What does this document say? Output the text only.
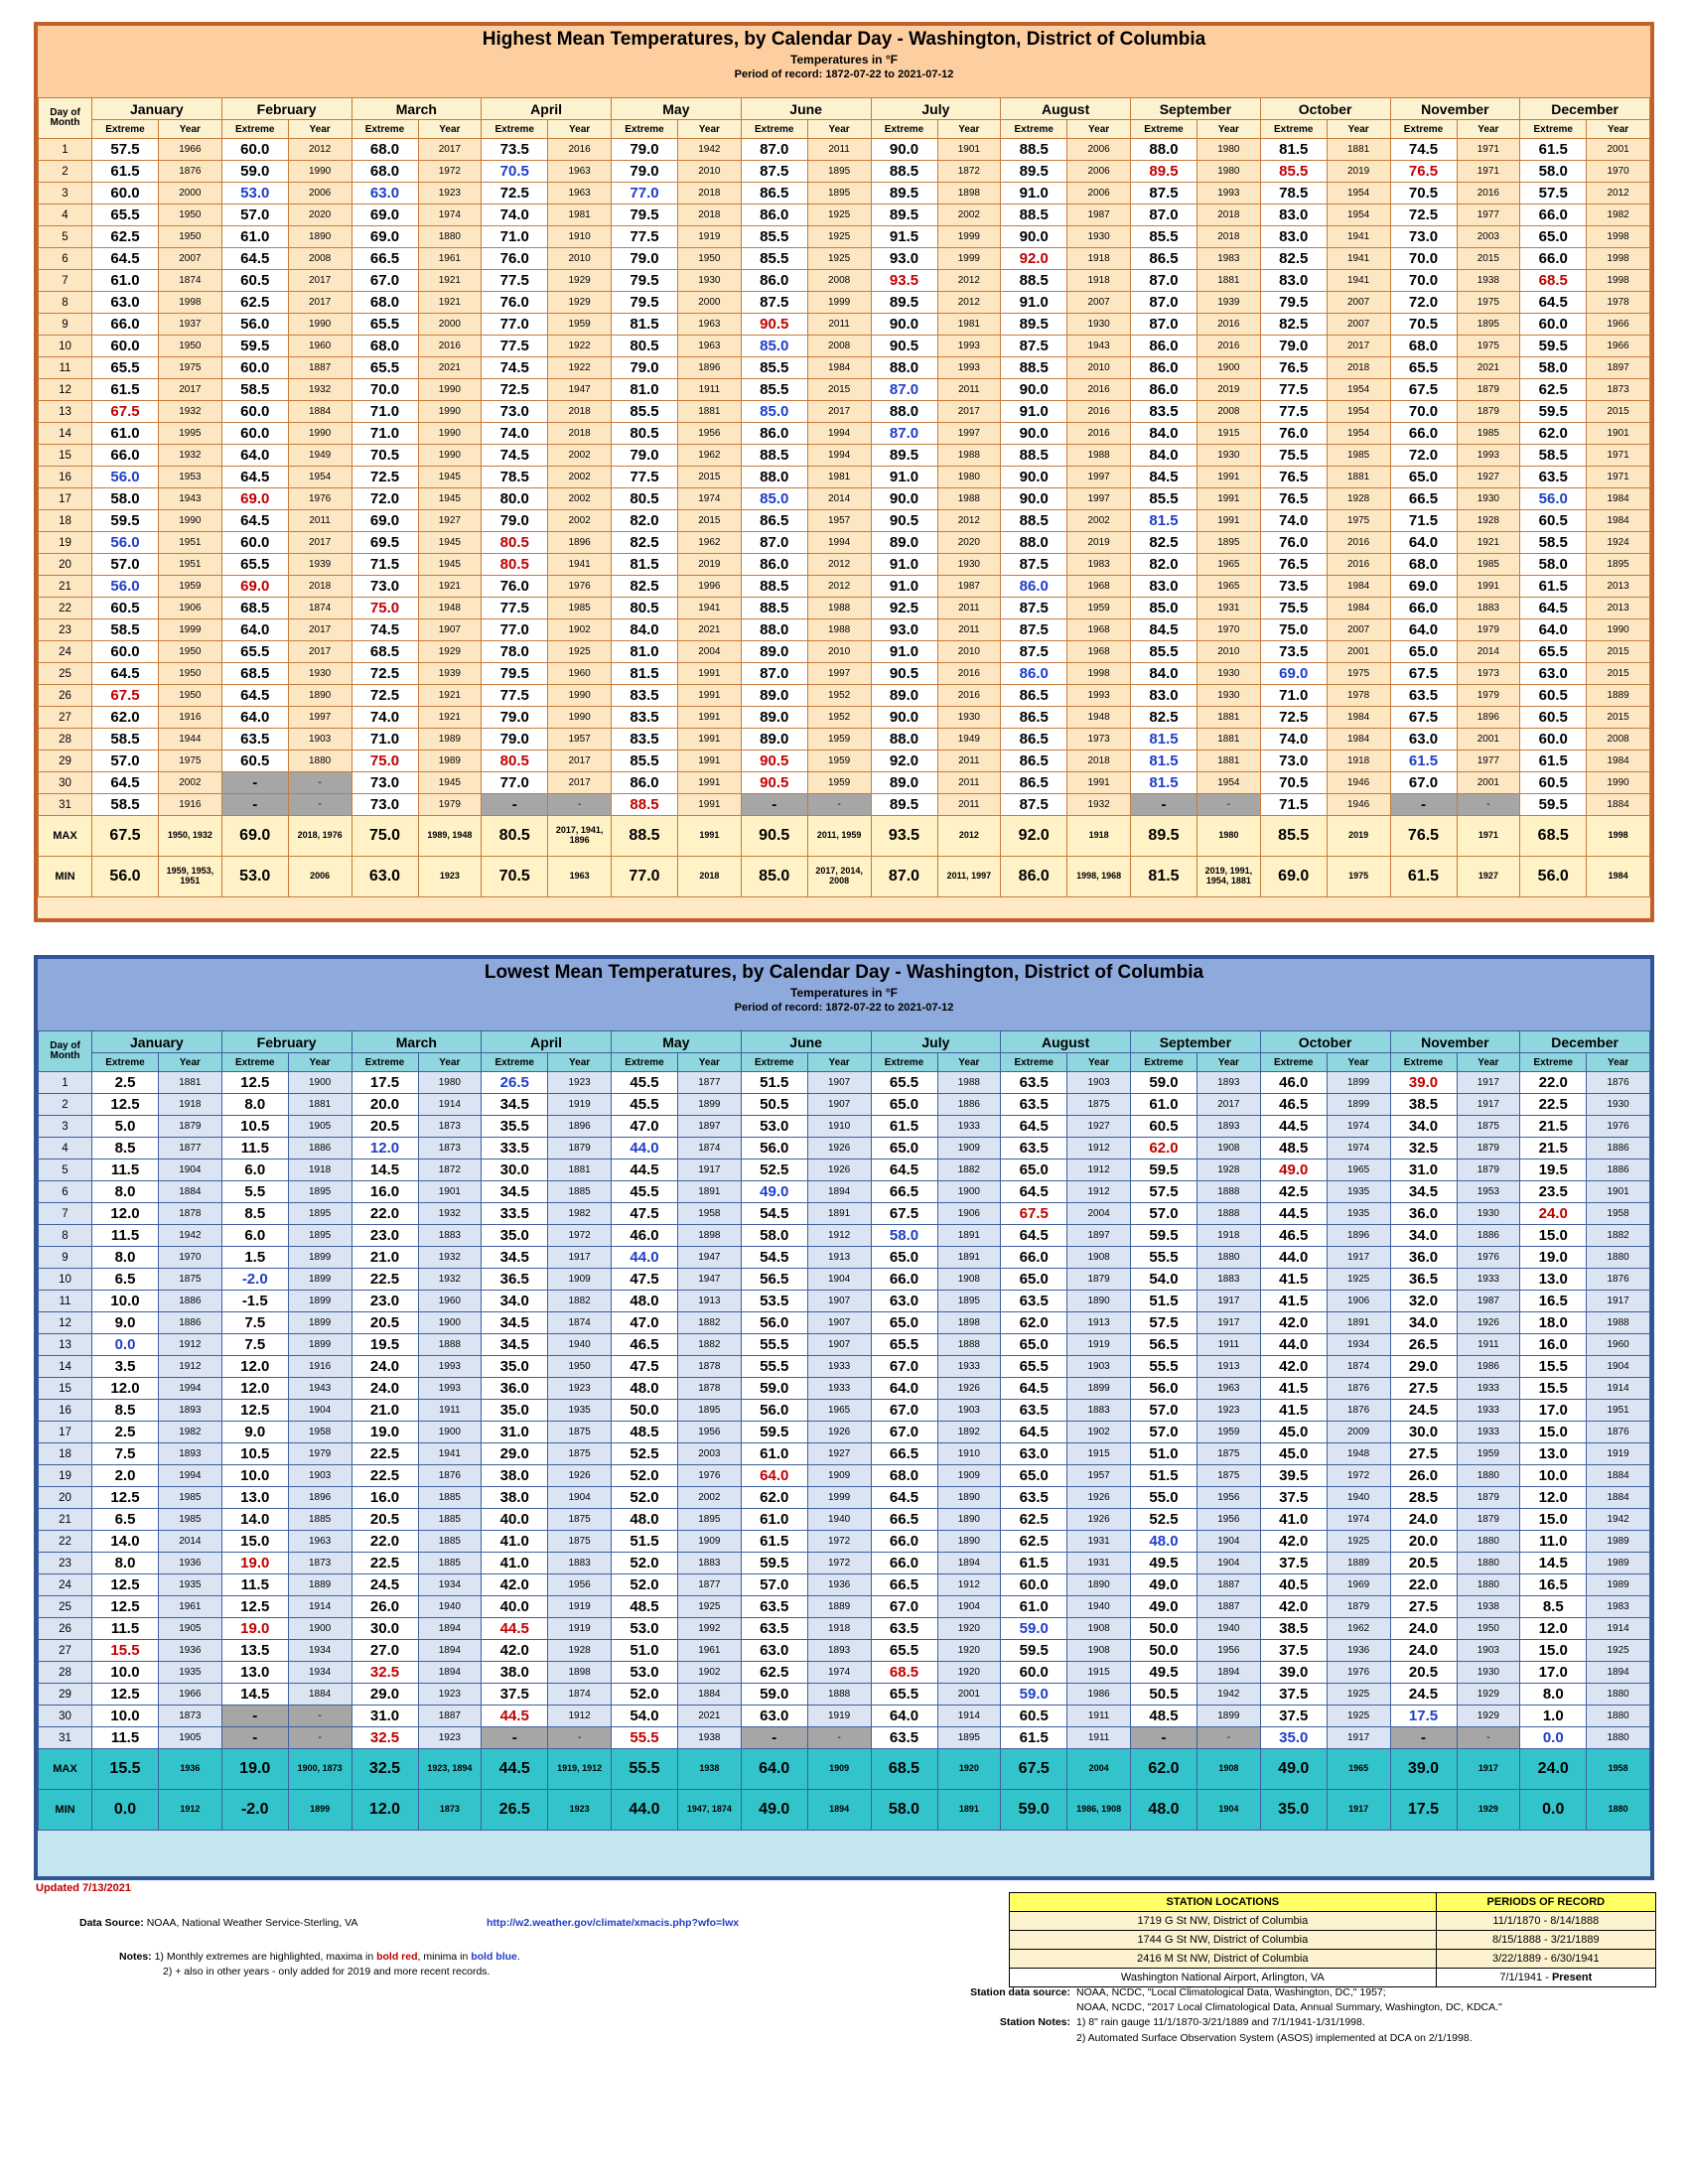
Highest Mean Temperatures, by Calendar Day - Washington, District of Columbia
Temperatures in °F
Period of record: 1872-07-22 to 2021-07-12
Day of Month	January		February		March		April		May		June		July		August		September		October		November		December	
	Extreme	Year	Extreme	Year	Extreme	Year	Extreme	Year	Extreme	Year	Extreme	Year	Extreme	Year	Extreme	Year	Extreme	Year	Extreme	Year	Extreme	Year	Extreme	Year
1	57.5	1966	60.0	2012	68.0	2017	73.5	2016	79.0	1942	87.0	2011	90.0	1901	88.5	2006	88.0	1980	81.5	1881	74.5	1971	61.5	2001
2	61.5	1876	59.0	1990	68.0	1972	70.5	1963	79.0	2010	87.5	1895	88.5	1872	89.5	2006	89.5	1980	85.5	2019	76.5	1971	58.0	1970
3	60.0	2000	53.0	2006	63.0	1923	72.5	1963	77.0	2018	86.5	1895	89.5	1898	91.0	2006	87.5	1993	78.5	1954	70.5	2016	57.5	2012
4	65.5	1950	57.0	2020	69.0	1974	74.0	1981	79.5	2018	86.0	1925	89.5	2002	88.5	1987	87.0	2018	83.0	1954	72.5	1977	66.0	1982
5	62.5	1950	61.0	1890	69.0	1880	71.0	1910	77.5	1919	85.5	1925	91.5	1999	90.0	1930	85.5	2018	83.0	1941	73.0	2003	65.0	1998
6	64.5	2007	64.5	2008	66.5	1961	76.0	2010	79.0	1950	85.5	1925	93.0	1999	92.0	1918	86.5	1983	82.5	1941	70.0	2015	66.0	1998
7	61.0	1874	60.5	2017	67.0	1921	77.5	1929	79.5	1930	86.0	2008	93.5	2012	88.5	1918	87.0	1881	83.0	1941	70.0	1938	68.5	1998
8	63.0	1998	62.5	2017	68.0	1921	76.0	1929	79.5	2000	87.5	1999	89.5	2012	91.0	2007	87.0	1939	79.5	2007	72.0	1975	64.5	1978
9	66.0	1937	56.0	1990	65.5	2000	77.0	1959	81.5	1963	90.5	2011	90.0	1981	89.5	1930	87.0	2016	82.5	2007	70.5	1895	60.0	1966
10	60.0	1950	59.5	1960	68.0	2016	77.5	1922	80.5	1963	85.0	2008	90.5	1993	87.5	1943	86.0	2016	79.0	2017	68.0	1975	59.5	1966
11	65.5	1975	60.0	1887	65.5	2021	74.5	1922	79.0	1896	85.5	1984	88.0	1993	88.5	2010	86.0	1900	76.5	2018	65.5	2021	58.0	1897
12	61.5	2017	58.5	1932	70.0	1990	72.5	1947	81.0	1911	85.5	2015	87.0	2011	90.0	2016	86.0	2019	77.5	1954	67.5	1879	62.5	1873
13	67.5	1932	60.0	1884	71.0	1990	73.0	2018	85.5	1881	85.0	2017	88.0	2017	91.0	2016	83.5	2008	77.5	1954	70.0	1879	59.5	2015
14	61.0	1995	60.0	1990	71.0	1990	74.0	2018	80.5	1956	86.0	1994	87.0	1997	90.0	2016	84.0	1915	76.0	1954	66.0	1985	62.0	1901
15	66.0	1932	64.0	1949	70.5	1990	74.5	2002	79.0	1962	88.5	1994	89.5	1988	88.5	1988	84.0	1930	75.5	1985	72.0	1993	58.5	1971
16	56.0	1953	64.5	1954	72.5	1945	78.5	2002	77.5	2015	88.0	1981	91.0	1980	90.0	1997	84.5	1991	76.5	1881	65.0	1927	63.5	1971
17	58.0	1943	69.0	1976	72.0	1945	80.0	2002	80.5	1974	85.0	2014	90.0	1988	90.0	1997	85.5	1991	76.5	1928	66.5	1930	56.0	1984
18	59.5	1990	64.5	2011	69.0	1927	79.0	2002	82.0	2015	86.5	1957	90.5	2012	88.5	2002	81.5	1991	74.0	1975	71.5	1928	60.5	1984
19	56.0	1951	60.0	2017	69.5	1945	80.5	1896	82.5	1962	87.0	1994	89.0	2020	88.0	2019	82.5	1895	76.0	2016	64.0	1921	58.5	1924
20	57.0	1951	65.5	1939	71.5	1945	80.5	1941	81.5	2019	86.0	2012	91.0	1930	87.5	1983	82.0	1965	76.5	2016	68.0	1985	58.0	1895
21	56.0	1959	69.0	2018	73.0	1921	76.0	1976	82.5	1996	88.5	2012	91.0	1987	86.0	1968	83.0	1965	73.5	1984	69.0	1991	61.5	2013
22	60.5	1906	68.5	1874	75.0	1948	77.5	1985	80.5	1941	88.5	1988	92.5	2011	87.5	1959	85.0	1931	75.5	1984	66.0	1883	64.5	2013
23	58.5	1999	64.0	2017	74.5	1907	77.0	1902	84.0	2021	88.0	1988	93.0	2011	87.5	1968	84.5	1970	75.0	2007	64.0	1979	64.0	1990
24	60.0	1950	65.5	2017	68.5	1929	78.0	1925	81.0	2004	89.0	2010	91.0	2010	87.5	1968	85.5	2010	73.5	2001	65.0	2014	65.5	2015
25	64.5	1950	68.5	1930	72.5	1939	79.5	1960	81.5	1991	87.0	1997	90.5	2016	86.0	1998	84.0	1930	69.0	1975	67.5	1973	63.0	2015
26	67.5	1950	64.5	1890	72.5	1921	77.5	1990	83.5	1991	89.0	1952	89.0	2016	86.5	1993	83.0	1930	71.0	1978	63.5	1979	60.5	1889
27	62.0	1916	64.0	1997	74.0	1921	79.0	1990	83.5	1991	89.0	1952	90.0	1930	86.5	1948	82.5	1881	72.5	1984	67.5	1896	60.5	2015
28	58.5	1944	63.5	1903	71.0	1989	79.0	1957	83.5	1991	89.0	1959	88.0	1949	86.5	1973	81.5	1881	74.0	1984	63.0	2001	60.0	2008
29	57.0	1975	60.5	1880	75.0	1989	80.5	2017	85.5	1991	90.5	1959	92.0	2011	86.5	2018	81.5	1881	73.0	1918	61.5	1977	61.5	1984
30	64.5	2002	-	-	73.0	1945	77.0	2017	86.0	1991	90.5	1959	89.0	2011	86.5	1991	81.5	1954	70.5	1946	67.0	2001	60.5	1990
31	58.5	1916	-	-	73.0	1979	-	-	88.5	1991	-	-	89.5	2011	87.5	1932	-	-	71.5	1946	-	-	59.5	1884
MAX	67.5	1950, 1932	69.0	2018, 1976	75.0	1989, 1948	80.5	2017, 1941, 1896	88.5	1991	90.5	2011, 1959	93.5	2012	92.0	1918	89.5	1980	85.5	2019	76.5	1971	68.5	1998
MIN	56.0	1959, 1953, 1951	53.0	2006	63.0	1923	70.5	1963	77.0	2018	85.0	2017, 2014, 2008	87.0	2011, 1997	86.0	1998, 1968	81.5	2019, 1991, 1954, 1881	69.0	1975	61.5	1927	56.0	1984
Lowest Mean Temperatures, by Calendar Day - Washington, District of Columbia
Temperatures in °F
Period of record: 1872-07-22 to 2021-07-12
Day of Month	January		February		March		April		May		June		July		August		September		October		November		December	
	Extreme	Year	Extreme	Year	Extreme	Year	Extreme	Year	Extreme	Year	Extreme	Year	Extreme	Year	Extreme	Year	Extreme	Year	Extreme	Year	Extreme	Year	Extreme	Year
1	2.5	1881	12.5	1900	17.5	1980	26.5	1923	45.5	1877	51.5	1907	65.5	1988	63.5	1903	59.0	1893	46.0	1899	39.0	1917	22.0	1876
2	12.5	1918	8.0	1881	20.0	1914	34.5	1919	45.5	1899	50.5	1907	65.0	1886	63.5	1875	61.0	2017	46.5	1899	38.5	1917	22.5	1930
3	5.0	1879	10.5	1905	20.5	1873	35.5	1896	47.0	1897	53.0	1910	61.5	1933	64.5	1927	60.5	1893	44.5	1974	34.0	1875	21.5	1976
4	8.5	1877	11.5	1886	12.0	1873	33.5	1879	44.0	1874	56.0	1926	65.0	1909	63.5	1912	62.0	1908	48.5	1974	32.5	1879	21.5	1886
5	11.5	1904	6.0	1918	14.5	1872	30.0	1881	44.5	1917	52.5	1926	64.5	1882	65.0	1912	59.5	1928	49.0	1965	31.0	1879	19.5	1886
6	8.0	1884	5.5	1895	16.0	1901	34.5	1885	45.5	1891	49.0	1894	66.5	1900	64.5	1912	57.5	1888	42.5	1935	34.5	1953	23.5	1901
7	12.0	1878	8.5	1895	22.0	1932	33.5	1982	47.5	1958	54.5	1891	67.5	1906	67.5	2004	57.0	1888	44.5	1935	36.0	1930	24.0	1958
8	11.5	1942	6.0	1895	23.0	1883	35.0	1972	46.0	1898	58.0	1912	58.0	1891	64.5	1897	59.5	1918	46.5	1896	34.0	1886	15.0	1882
9	8.0	1970	1.5	1899	21.0	1932	34.5	1917	44.0	1947	54.5	1913	65.0	1891	66.0	1908	55.5	1880	44.0	1917	36.0	1976	19.0	1880
10	6.5	1875	-2.0	1899	22.5	1932	36.5	1909	47.5	1947	56.5	1904	66.0	1908	65.0	1879	54.0	1883	41.5	1925	36.5	1933	13.0	1876
11	10.0	1886	-1.5	1899	23.0	1960	34.0	1882	48.0	1913	53.5	1907	63.0	1895	63.5	1890	51.5	1917	41.5	1906	32.0	1987	16.5	1917
12	9.0	1886	7.5	1899	20.5	1900	34.5	1874	47.0	1882	56.0	1907	65.0	1898	62.0	1913	57.5	1917	42.0	1891	34.0	1926	18.0	1988
13	0.0	1912	7.5	1899	19.5	1888	34.5	1940	46.5	1882	55.5	1907	65.5	1888	65.0	1919	56.5	1911	44.0	1934	26.5	1911	16.0	1960
14	3.5	1912	12.0	1916	24.0	1993	35.0	1950	47.5	1878	55.5	1933	67.0	1933	65.5	1903	55.5	1913	42.0	1874	29.0	1986	15.5	1904
15	12.0	1994	12.0	1943	24.0	1993	36.0	1923	48.0	1878	59.0	1933	64.0	1926	64.5	1899	56.0	1963	41.5	1876	27.5	1933	15.5	1914
16	8.5	1893	12.5	1904	21.0	1911	35.0	1935	50.0	1895	56.0	1965	67.0	1903	63.5	1883	57.0	1923	41.5	1876	24.5	1933	17.0	1951
17	2.5	1982	9.0	1958	19.0	1900	31.0	1875	48.5	1956	59.5	1926	67.0	1892	64.5	1902	57.0	1959	45.0	2009	30.0	1933	15.0	1876
18	7.5	1893	10.5	1979	22.5	1941	29.0	1875	52.5	2003	61.0	1927	66.5	1910	63.0	1915	51.0	1875	45.0	1948	27.5	1959	13.0	1919
19	2.0	1994	10.0	1903	22.5	1876	38.0	1926	52.0	1976	64.0	1909	68.0	1909	65.0	1957	51.5	1875	39.5	1972	26.0	1880	10.0	1884
20	12.5	1985	13.0	1896	16.0	1885	38.0	1904	52.0	2002	62.0	1999	64.5	1890	63.5	1926	55.0	1956	37.5	1940	28.5	1879	12.0	1884
21	6.5	1985	14.0	1885	20.5	1885	40.0	1875	48.0	1895	61.0	1940	66.5	1890	62.5	1926	52.5	1956	41.0	1974	24.0	1879	15.0	1942
22	14.0	2014	15.0	1963	22.0	1885	41.0	1875	51.5	1909	61.5	1972	66.0	1890	62.5	1931	48.0	1904	42.0	1925	20.0	1880	11.0	1989
23	8.0	1936	19.0	1873	22.5	1885	41.0	1883	52.0	1883	59.5	1972	66.0	1894	61.5	1931	49.5	1904	37.5	1889	20.5	1880	14.5	1989
24	12.5	1935	11.5	1889	24.5	1934	42.0	1956	52.0	1877	57.0	1936	66.5	1912	60.0	1890	49.0	1887	40.5	1969	22.0	1880	16.5	1989
25	12.5	1961	12.5	1914	26.0	1940	40.0	1919	48.5	1925	63.5	1889	67.0	1904	61.0	1940	49.0	1887	42.0	1879	27.5	1938	8.5	1983
26	11.5	1905	19.0	1900	30.0	1894	44.5	1919	53.0	1992	63.5	1918	63.5	1920	59.0	1908	50.0	1940	38.5	1962	24.0	1950	12.0	1914
27	15.5	1936	13.5	1934	27.0	1894	42.0	1928	51.0	1961	63.0	1893	65.5	1920	59.5	1908	50.0	1956	37.5	1936	24.0	1903	15.0	1925
28	10.0	1935	13.0	1934	32.5	1894	38.0	1898	53.0	1902	62.5	1974	68.5	1920	60.0	1915	49.5	1894	39.0	1976	20.5	1930	17.0	1894
29	12.5	1966	14.5	1884	29.0	1923	37.5	1874	52.0	1884	59.0	1888	65.5	2001	59.0	1986	50.5	1942	37.5	1925	24.5	1929	8.0	1880
30	10.0	1873	-	-	31.0	1887	44.5	1912	54.0	2021	63.0	1919	64.0	1914	60.5	1911	48.5	1899	37.5	1925	17.5	1929	1.0	1880
31	11.5	1905	-	-	32.5	1923	-	-	55.5	1938	-	-	63.5	1895	61.5	1911	-	-	35.0	1917	-	-	0.0	1880
MAX	15.5	1936	19.0	1900, 1873	32.5	1923, 1894	44.5	1919, 1912	55.5	1938	64.0	1909	68.5	1920	67.5	2004	62.0	1908	49.0	1965	39.0	1917	24.0	1958
MIN	0.0	1912	-2.0	1899	12.0	1873	26.5	1923	44.0	1947, 1874	49.0	1894	58.0	1891	59.0	1986, 1908	48.0	1904	35.0	1917	17.5	1929	0.0	1880
Updated 7/13/2021
Data Source: NOAA, National Weather Service-Sterling, VA	http://w2.weather.gov/climate/xmacis.php?wfo=lwx
Notes: 1) Monthly extremes are highlighted, maxima in bold red, minima in bold blue.
2) + also in other years - only added for 2019 and more recent records.
STATION LOCATIONS	PERIODS OF RECORD
1719 G St NW, District of Columbia	11/1/1870 - 8/14/1888
1744 G St NW, District of Columbia	8/15/1888 - 3/21/1889
2416 M St NW, District of Columbia	3/22/1889 - 6/30/1941
Washington National Airport, Arlington, VA	7/1/1941 - Present
Station data source: NOAA, NCDC, "Local Climatological Data, Washington, DC," 1957;
NOAA, NCDC, "2017 Local Climatological Data, Annual Summary, Washington, DC, KDCA."
Station Notes: 1) 8" rain gauge 11/1/1870-3/21/1889 and 7/1/1941-1/31/1998.
2) Automated Surface Observation System (ASOS) implemented at DCA on 2/1/1998.
